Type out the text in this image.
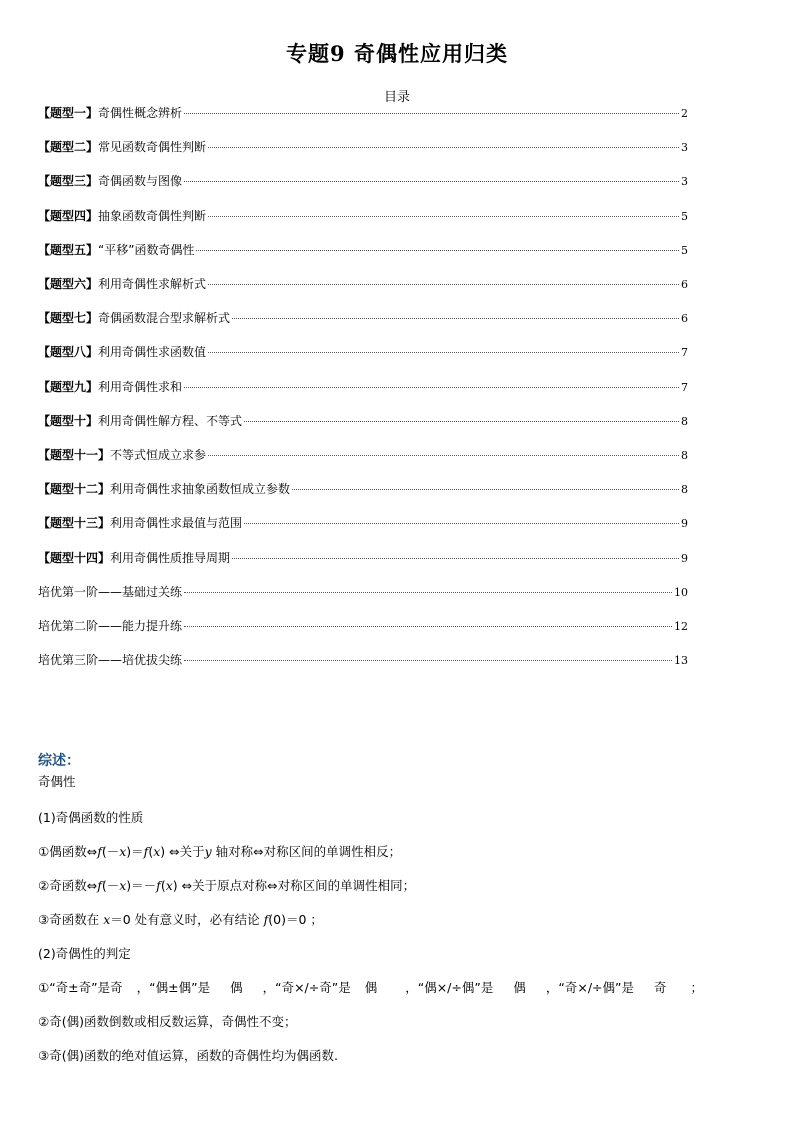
专题9 奇偶性应用归类
目录
【题型一】奇偶性概念辨析	2
【题型二】常见函数奇偶性判断	3
【题型三】奇偶函数与图像	3
【题型四】抽象函数奇偶性判断	5
【题型五】“平移”函数奇偶性	5
【题型六】利用奇偶性求解析式	6
【题型七】奇偶函数混合型求解析式	6
【题型八】利用奇偶性求函数值	7
【题型九】利用奇偶性求和	7
【题型十】利用奇偶性解方程、不等式	8
【题型十一】不等式恒成立求参	8
【题型十二】利用奇偶性求抽象函数恒成立参数	8
【题型十三】利用奇偶性求最值与范围	9
【题型十四】利用奇偶性质推导周期	9
培优第一阶——基础过关练	10
培优第二阶——能力提升练	12
培优第三阶——培优拔尖练	13
综述：
奇偶性
(1)奇偶函数的性质
①偶函数⇔f(－x)＝f(x) ⇔关于y 轴对称⇔对称区间的单调性相反；
②奇函数⇔f(－x)＝－f(x) ⇔关于原点对称⇔对称区间的单调性相同；
③奇函数在 x＝0 处有意义时，必有结论 f(0)＝0 ；
(2)奇偶性的判定
①“奇±奇”是奇 ，“偶±偶”是 偶 ，“奇×/÷奇”是 偶 ，“偶×/÷偶”是 偶 ，“奇×/÷偶”是 奇 ；
②奇(偶)函数倒数或相反数运算，奇偶性不变；
③奇(偶)函数的绝对值运算，函数的奇偶性均为偶函数.
